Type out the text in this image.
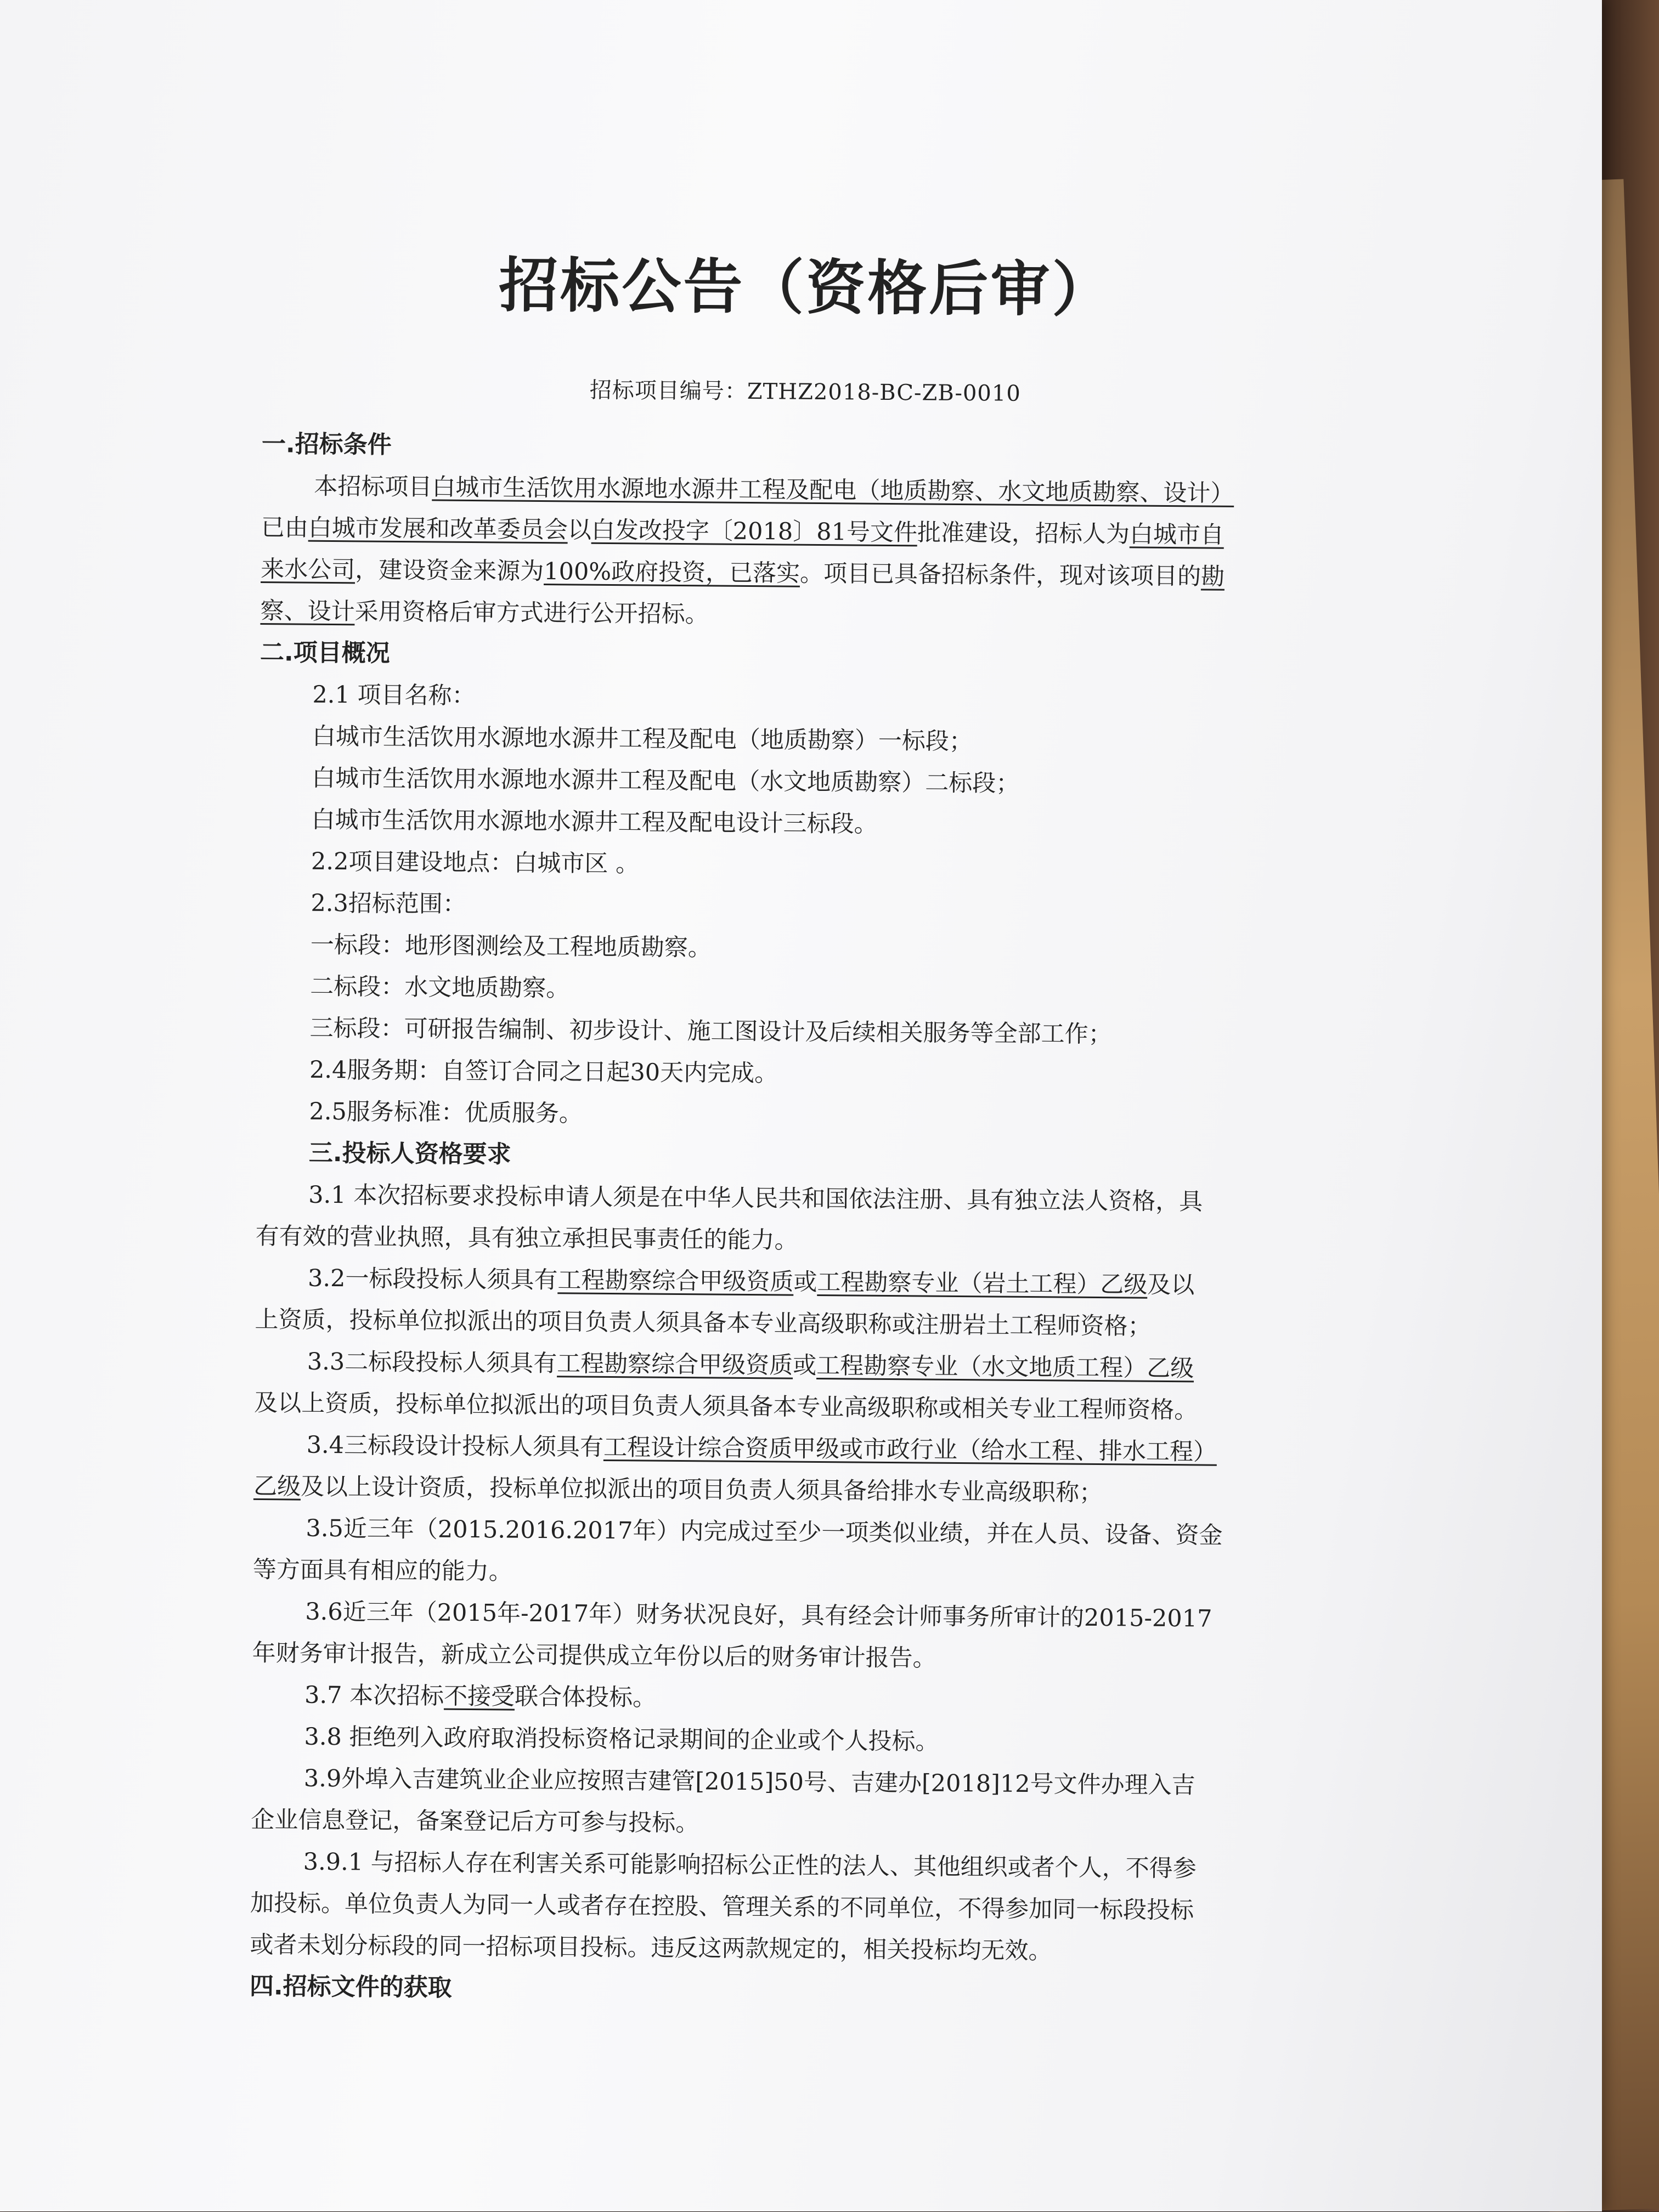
招标公告（资格后审）
招标项目编号：ZTHZ2018-BC-ZB-0010

一.招标条件

本招标项目白城市生活饮用水源地水源井工程及配电（地质勘察、水文地质勘察、设计）

已由白城市发展和改革委员会以白发改投字〔2018〕81号文件批准建设，招标人为白城市自

来水公司，建设资金来源为100%政府投资，已落实。项目已具备招标条件，现对该项目的勘

察、设计采用资格后审方式进行公开招标。

二.项目概况

2.1 项目名称：

白城市生活饮用水源地水源井工程及配电（地质勘察）一标段；

白城市生活饮用水源地水源井工程及配电（水文地质勘察）二标段；

白城市生活饮用水源地水源井工程及配电设计三标段。

2.2项目建设地点：白城市区 。

2.3招标范围：

一标段：地形图测绘及工程地质勘察。

二标段：水文地质勘察。

三标段：可研报告编制、初步设计、施工图设计及后续相关服务等全部工作；

2.4服务期：自签订合同之日起30天内完成。

2.5服务标准：优质服务。

三.投标人资格要求

3.1 本次招标要求投标申请人须是在中华人民共和国依法注册、具有独立法人资格，具

有有效的营业执照，具有独立承担民事责任的能力。

3.2一标段投标人须具有工程勘察综合甲级资质或工程勘察专业（岩土工程）乙级及以

上资质，投标单位拟派出的项目负责人须具备本专业高级职称或注册岩土工程师资格；

3.3二标段投标人须具有工程勘察综合甲级资质或工程勘察专业（水文地质工程）乙级

及以上资质，投标单位拟派出的项目负责人须具备本专业高级职称或相关专业工程师资格。

3.4三标段设计投标人须具有工程设计综合资质甲级或市政行业（给水工程、排水工程）

乙级及以上设计资质，投标单位拟派出的项目负责人须具备给排水专业高级职称；

3.5近三年（2015.2016.2017年）内完成过至少一项类似业绩，并在人员、设备、资金

等方面具有相应的能力。

3.6近三年（2015年-2017年）财务状况良好，具有经会计师事务所审计的2015-2017

年财务审计报告，新成立公司提供成立年份以后的财务审计报告。

3.7 本次招标不接受联合体投标。

3.8 拒绝列入政府取消投标资格记录期间的企业或个人投标。

3.9外埠入吉建筑业企业应按照吉建管[2015]50号、吉建办[2018]12号文件办理入吉

企业信息登记，备案登记后方可参与投标。

3.9.1 与招标人存在利害关系可能影响招标公正性的法人、其他组织或者个人，不得参

加投标。单位负责人为同一人或者存在控股、管理关系的不同单位，不得参加同一标段投标

或者未划分标段的同一招标项目投标。违反这两款规定的，相关投标均无效。

四.招标文件的获取
